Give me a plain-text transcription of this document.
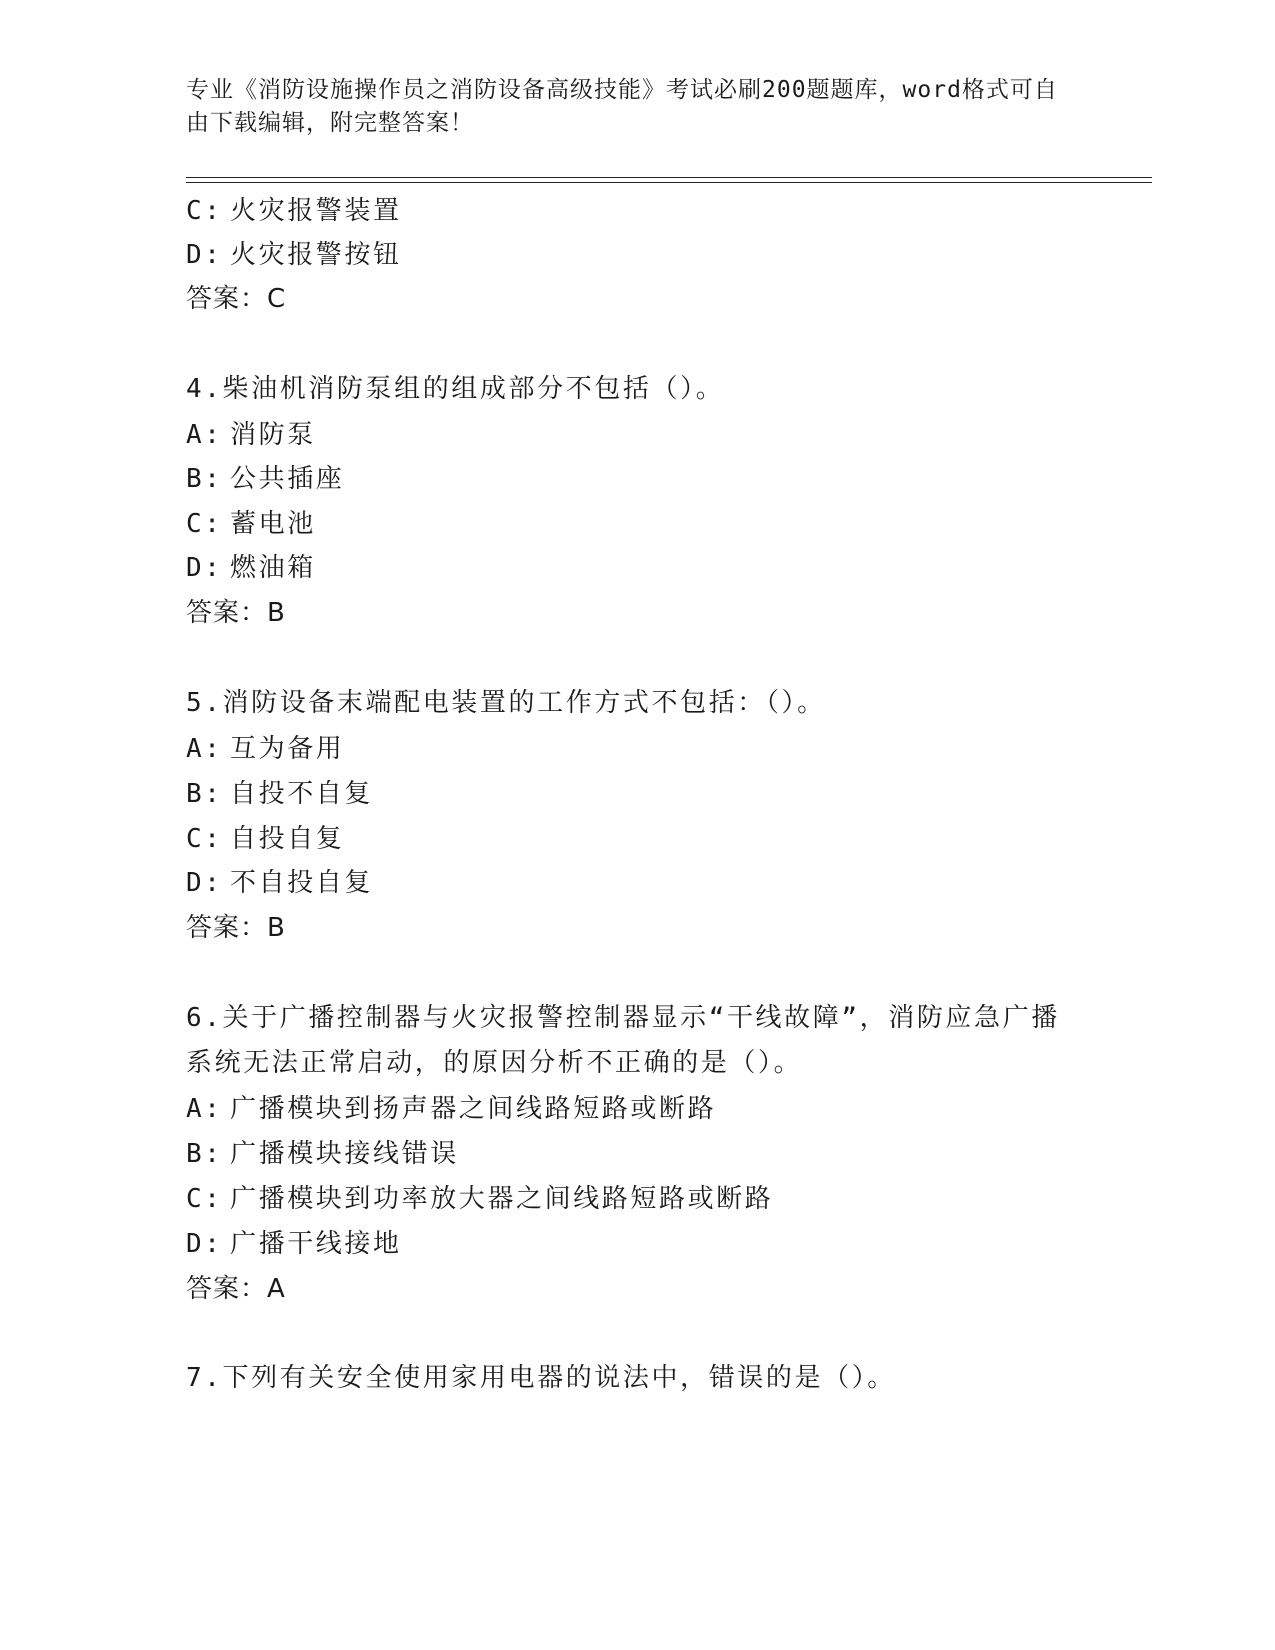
专业《消防设施操作员之消防设备高级技能》考试必刷200题题库，word格式可自由下载编辑，附完整答案！
C: 火灾报警装置
D: 火灾报警按钮
答案：C
4.柴油机消防泵组的组成部分不包括（）。
A: 消防泵
B: 公共插座
C: 蓄电池
D: 燃油箱
答案：B
5.消防设备末端配电装置的工作方式不包括：（）。
A: 互为备用
B: 自投不自复
C: 自投自复
D: 不自投自复
答案：B
6.关于广播控制器与火灾报警控制器显示“干线故障”，消防应急广播系统无法正常启动，的原因分析不正确的是（）。
A: 广播模块到扬声器之间线路短路或断路
B: 广播模块接线错误
C: 广播模块到功率放大器之间线路短路或断路
D: 广播干线接地
答案：A
7.下列有关安全使用家用电器的说法中，错误的是（）。
